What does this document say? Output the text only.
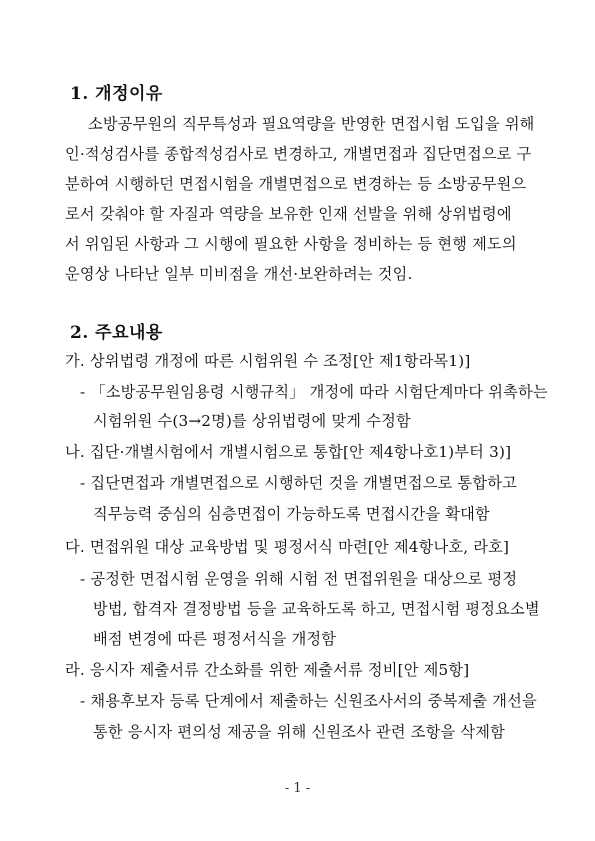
1. 개정이유
소방공무원의 직무특성과 필요역량을 반영한 면접시험 도입을 위해
인·적성검사를 종합적성검사로 변경하고, 개별면접과 집단면접으로 구
분하여 시행하던 면접시험을 개별면접으로 변경하는 등 소방공무원으
로서 갖춰야 할 자질과 역량을 보유한 인재 선발을 위해 상위법령에
서 위임된 사항과 그 시행에 필요한 사항을 정비하는 등 현행 제도의
운영상 나타난 일부 미비점을 개선·보완하려는 것임.
2. 주요내용
가. 상위법령 개정에 따른 시험위원 수 조정[안 제1항라목1)]
- 「소방공무원임용령 시행규칙」 개정에 따라 시험단계마다 위촉하는
시험위원 수(3→2명)를 상위법령에 맞게 수정함
나. 집단·개별시험에서 개별시험으로 통합[안 제4항나호1)부터 3)]
- 집단면접과 개별면접으로 시행하던 것을 개별면접으로 통합하고
직무능력 중심의 심층면접이 가능하도록 면접시간을 확대함
다. 면접위원 대상 교육방법 및 평정서식 마련[안 제4항나호, 라호]
- 공정한 면접시험 운영을 위해 시험 전 면접위원을 대상으로 평정
방법, 합격자 결정방법 등을 교육하도록 하고, 면접시험 평정요소별
배점 변경에 따른 평정서식을 개정함
라. 응시자 제출서류 간소화를 위한 제출서류 정비[안 제5항]
- 채용후보자 등록 단계에서 제출하는 신원조사서의 중복제출 개선을
통한 응시자 편의성 제공을 위해 신원조사 관련 조항을 삭제함
- 1 -
